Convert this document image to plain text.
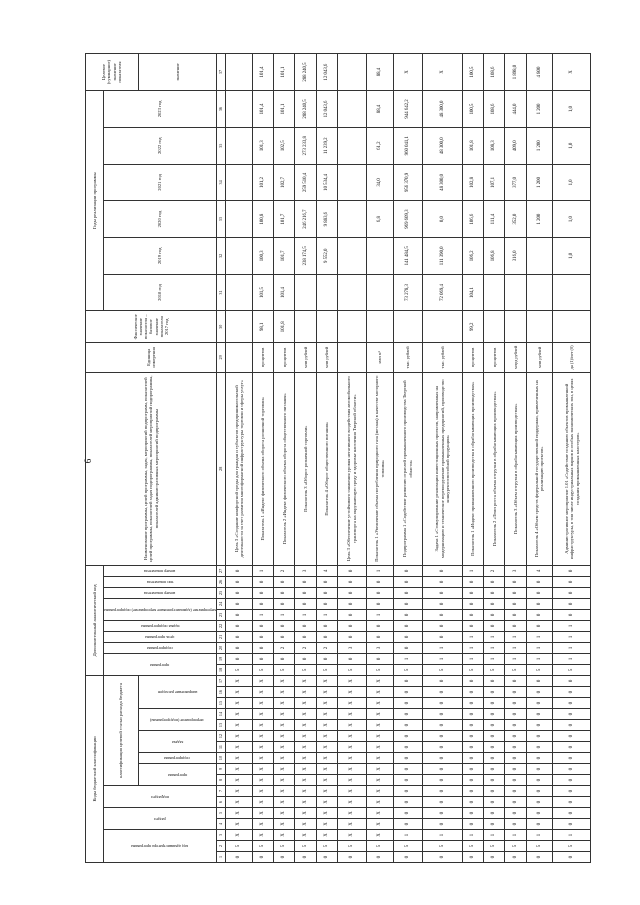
6
Коды бюджетной классификации																	Дополнительный аналитический код										Наименование программы, целей программы, задач, мероприятий подпрограмм, показателей целей программы, показателей задач подпрограммы, показателей мероприятий подпрограммы, показателей административных мероприятий подпрограммы	Единица измерения	Фактическое значение показателя – базовое значение показателя 2017 год	Годы реализации программы						Целевое (суммарное) значение показателя

код администратора программы			раздел		подраздел		классификация целевой статьи расхода бюджета										программа		подпрограмма	цель программы	задача подпрограммы	мероприятие (административное мероприятие) подпрограммы		номер показателя	тип показателя	номер показателя				2018 год	2019 год	2020 год	2021 год	2022 год	2023 год	

							программа		подпрограмма	задача		мероприятие (подпрограммы)		направление расходов																						значение
1	2	3	4	5	6	7	8	9	10	11	12	13	14	15	16	17	18	19	20	21	22	23	24	25	26	27	28	29	30	31	32	33	34	35	36	37
0	5	X	X	X	X	X	X	X	X	X	X	X	X	X	X	X	5	0	0	0	0	0	0	0	0	0	Цель 3 «Создание комфортной среды для граждан и субъектов предпринимательской деятельности за счет развития многоформатной инфраструктуры торговли и сферы услуг»									
0	5	X	X	X	X	X	X	X	X	X	X	X	X	X	X	X	5	0	0	0	0	1	0	0	0	1	Показатель 1 «Индекс физического объема оборота розничной торговли»	процентов	98,1	101,5	100,3	100,8	101,2	101,3	101,4	101,4
0	5	X	X	X	X	X	X	X	X	X	X	X	X	X	X	X	5	0	2	0	0	1	0	0	0	2	Показатель 2 «Индекс физического объема оборота общественного питания»	процентов	101,8	101,4	101,7	101,7	102,7	102,5	101,1	101,1
0	5	X	X	X	X	X	X	X	X	X	X	X	X	X	X	X	5	0	2	0	0	1	0	0	0	3	Показатель 3 «Оборот розничной торговли»	млн рублей			238 174,5	246 216,7	259 510,4	273 233,8	288 240,5	288 240,5
0	5	X	X	X	X	X	X	X	X	X	X	X	X	X	X	X	5	0	2	0	0	1	0	0	0	4	Показатель 4 «Оборот общественного питания»	млн рублей			9 552,0	9 883,6	10 534,4	11 239,2	12 043,6	12 043,6
0	5	X	X	X	X	X	X	X	X	X	X	X	X	X	X	X	5	0	3	0	0	0	0	0	0	0	Цель 3 «Обеспечение устойчивого снижения уровня негативного воздействия автомобильного транспорта на окружающую среду и здоровье населения Тверской области»									
0	5	X	X	X	X	X	X	X	X	X	X	X	X	X	X	X	5	0	3	0	0	1	0	0	0	1	Показатель 1 «Увеличение объема потребления природного газа (метана) в качестве моторного топлива»	млн м³				6,8	34,0	61,2	88,4	88,4
0	5	1	0	0	0	0	0	0	0	0	0	0	0	0	0	0	5	1	0	0	0	0	0	0	0	0	Подпрограмма 1 «Содействие развитию отраслей промышленного производства Тверской области»	тыс. рублей		73 278,3	141 484,5	969 609,3	956 370,9	960 041,1	944 642,2	X
0	5	1	0	0	0	0	0	0	0	0	0	0	0	0	0	0	5	1	1	0	0	0	0	0	0	0	Задача 1 «Стимулирование реализации инвестиционных проектов, направленных на модернизацию и техническое перевооружение промышленных предприятий, производство конкурентоспособной продукции»	тыс. рублей		72 069,4	111 390,0	0,0	48 300,0	48 300,0	48 300,0	X
0	5	1	0	0	0	0	0	0	0	0	0	0	0	0	0	0	5	1	1	1	0	0	0	0	0	1	Показатель 1 «Индекс промышленного производства в обрабатывающих производствах»	процентов	99,2	104,1	106,2	106,6	102,8	101,8	100,5	100,5
0	5	1	0	0	0	0	0	0	0	0	0	0	0	0	0	0	5	1	1	1	0	0	0	0	0	2	Показатель 2 «Темп роста объема отгрузки в обрабатывающих производствах»	процентов			106,8	111,4	107,1	108,3	108,6	108,6
0	5	1	0	0	0	0	0	0	0	0	0	0	0	0	0	0	5	1	1	1	0	0	0	0	0	3	Показатель 3 «Объем отгрузки в обрабатывающих производствах»	млрд рублей			316,0	352,0	377,0	409,0	444,0	1 898,0
0	5	1	0	0	0	0	0	0	0	0	0	0	0	0	0	0	5	1	1	1	0	0	0	0	0	4	Показатель 4 «Объем средств федеральной государственной поддержки, привлеченных на реализацию проектов»	млн рублей				1 200	1 200	1 200	1 200	4 800
0	5	1	0	0	0	0	0	0	0	0	0	0	0	0	0	0	5	1	1	1	1	0	0	0	0	0	Административное мероприятие 1.01 «Содействие созданию объектов промышленной инфраструктуры, в том числе индустриальных парков и особых экономических зон, в целях создания промышленных кластеров»	да (1)/нет (0)			1,0	1,0	1,0	1,0	1,0	X
